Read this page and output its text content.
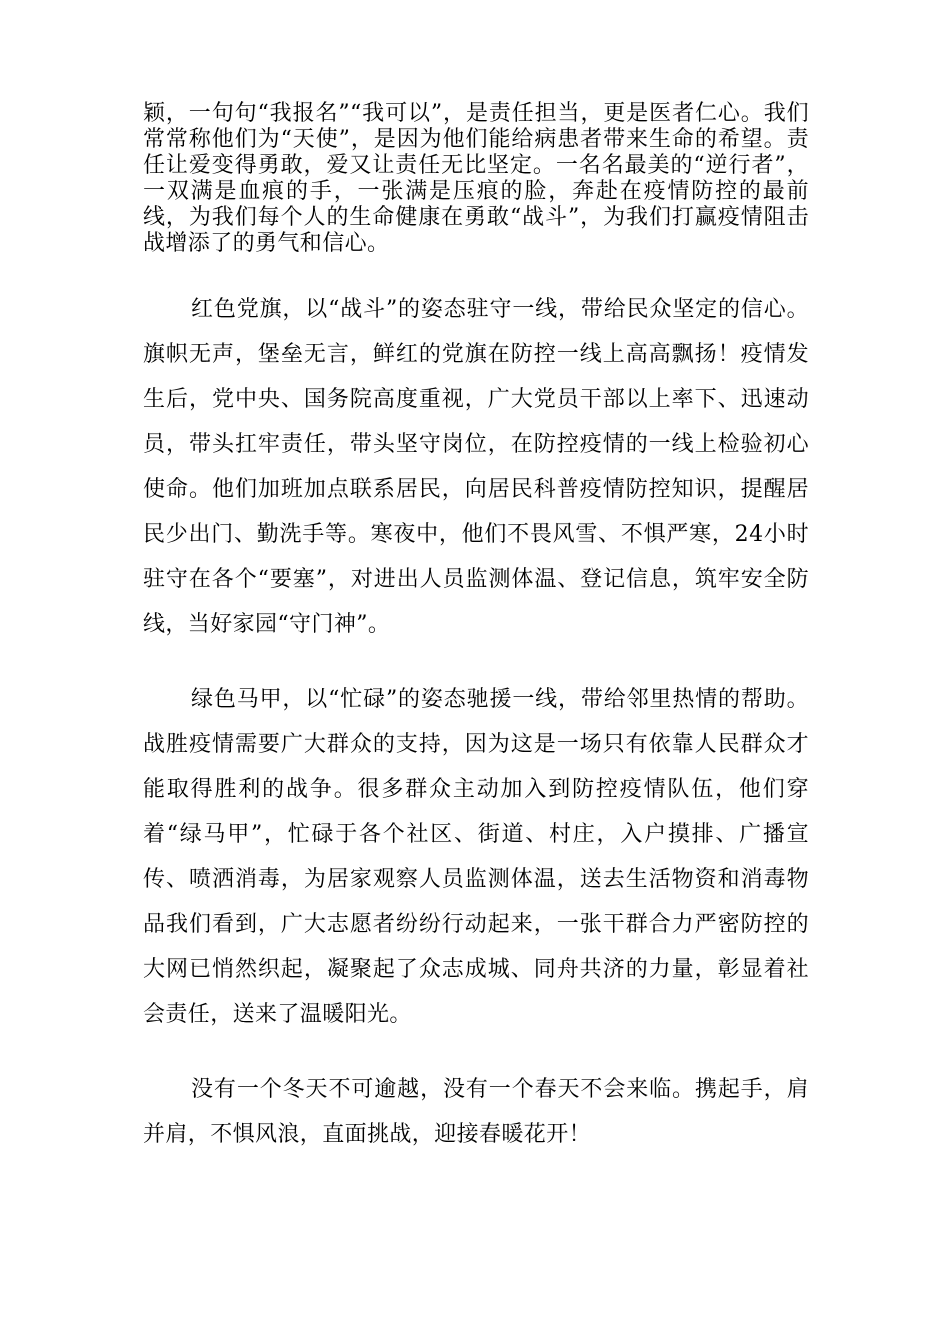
颖，一句句“我报名”“我可以”，是责任担当，更是医者仁心。我们常常称他们为“天使”，是因为他们能给病患者带来生命的希望。责任让爱变得勇敢，爱又让责任无比坚定。一名名最美的“逆行者”，一双满是血痕的手，一张满是压痕的脸，奔赴在疫情防控的最前线，为我们每个人的生命健康在勇敢“战斗”，为我们打赢疫情阻击战增添了的勇气和信心。

红色党旗，以“战斗”的姿态驻守一线，带给民众坚定的信心。旗帜无声，堡垒无言，鲜红的党旗在防控一线上高高飘扬！疫情发生后，党中央、国务院高度重视，广大党员干部以上率下、迅速动员，带头扛牢责任，带头坚守岗位，在防控疫情的一线上检验初心使命。他们加班加点联系居民，向居民科普疫情防控知识，提醒居民少出门、勤洗手等。寒夜中，他们不畏风雪、不惧严寒，24小时驻守在各个“要塞”，对进出人员监测体温、登记信息，筑牢安全防线，当好家园“守门神”。

绿色马甲，以“忙碌”的姿态驰援一线，带给邻里热情的帮助。战胜疫情需要广大群众的支持，因为这是一场只有依靠人民群众才能取得胜利的战争。很多群众主动加入到防控疫情队伍，他们穿着“绿马甲”，忙碌于各个社区、街道、村庄，入户摸排、广播宣传、喷洒消毒，为居家观察人员监测体温，送去生活物资和消毒物品我们看到，广大志愿者纷纷行动起来，一张干群合力严密防控的大网已悄然织起，凝聚起了众志成城、同舟共济的力量，彰显着社会责任，送来了温暖阳光。

没有一个冬天不可逾越，没有一个春天不会来临。携起手，肩并肩，不惧风浪，直面挑战，迎接春暖花开！
